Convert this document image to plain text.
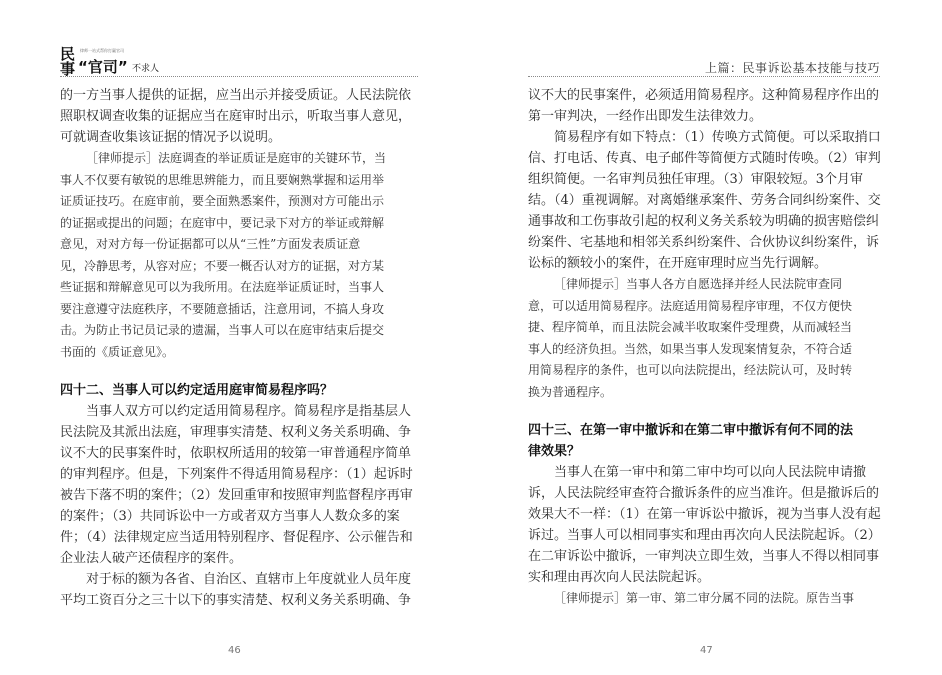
民
事
律师一站式帮你打赢官司
“官司” 不求人
的一方当事人提供的证据，应当出示并接受质证。人民法院依
照职权调查收集的证据应当在庭审时出示，听取当事人意见，
可就调查收集该证据的情况予以说明。
［律师提示］法庭调查的举证质证是庭审的关键环节，当
事人不仅要有敏锐的思维思辨能力，而且要娴熟掌握和运用举
证质证技巧。在庭审前，要全面熟悉案件，预测对方可能出示
的证据或提出的问题；在庭审中，要记录下对方的举证或辩解
意见，对对方每一份证据都可以从“三性”方面发表质证意
见，冷静思考，从容对应；不要一概否认对方的证据，对方某
些证据和辩解意见可以为我所用。在法庭举证质证时，当事人
要注意遵守法庭秩序，不要随意插话，注意用词，不搞人身攻
击。为防止书记员记录的遗漏，当事人可以在庭审结束后提交
书面的《质证意见》。
四十二、当事人可以约定适用庭审简易程序吗？
当事人双方可以约定适用简易程序。简易程序是指基层人
民法院及其派出法庭，审理事实清楚、权利义务关系明确、争
议不大的民事案件时，依职权所适用的较第一审普通程序简单
的审判程序。但是，下列案件不得适用简易程序：（1）起诉时
被告下落不明的案件；（2）发回重审和按照审判监督程序再审
的案件；（3）共同诉讼中一方或者双方当事人人数众多的案
件；（4）法律规定应当适用特别程序、督促程序、公示催告和
企业法人破产还债程序的案件。
对于标的额为各省、自治区、直辖市上年度就业人员年度
平均工资百分之三十以下的事实清楚、权利义务关系明确、争
46
上篇：民事诉讼基本技能与技巧
议不大的民事案件，必须适用简易程序。这种简易程序作出的
第一审判决，一经作出即发生法律效力。
简易程序有如下特点：（1）传唤方式简便。可以采取捎口
信、打电话、传真、电子邮件等简便方式随时传唤。（2）审判
组织简便。一名审判员独任审理。（3）审限较短。3个月审
结。（4）重视调解。对离婚继承案件、劳务合同纠纷案件、交
通事故和工伤事故引起的权利义务关系较为明确的损害赔偿纠
纷案件、宅基地和相邻关系纠纷案件、合伙协议纠纷案件，诉
讼标的额较小的案件，在开庭审理时应当先行调解。
［律师提示］当事人各方自愿选择并经人民法院审查同
意，可以适用简易程序。法庭适用简易程序审理，不仅方便快
捷、程序简单，而且法院会减半收取案件受理费，从而减轻当
事人的经济负担。当然，如果当事人发现案情复杂，不符合适
用简易程序的条件，也可以向法院提出，经法院认可，及时转
换为普通程序。
四十三、在第一审中撤诉和在第二审中撤诉有何不同的法
律效果？
当事人在第一审中和第二审中均可以向人民法院申请撤
诉，人民法院经审查符合撤诉条件的应当准许。但是撤诉后的
效果大不一样：（1）在第一审诉讼中撤诉，视为当事人没有起
诉过。当事人可以相同事实和理由再次向人民法院起诉。（2）
在二审诉讼中撤诉，一审判决立即生效，当事人不得以相同事
实和理由再次向人民法院起诉。
［律师提示］第一审、第二审分属不同的法院。原告当事
47
